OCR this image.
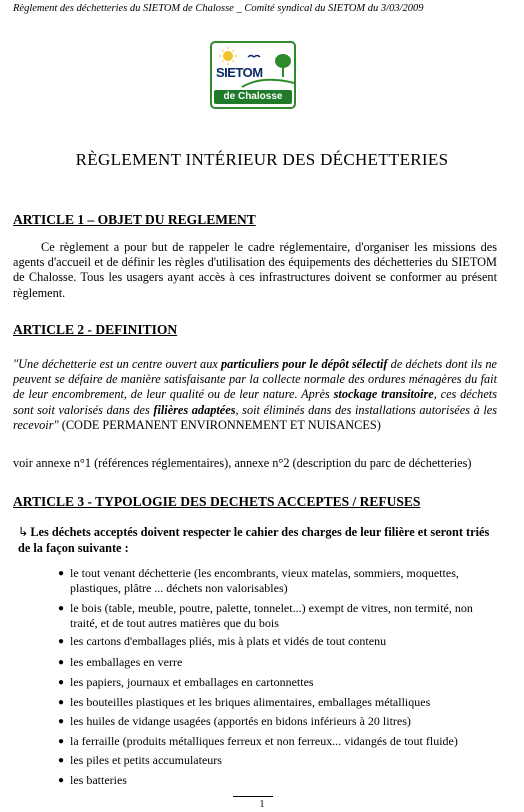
Règlement des déchetteries du SIETOM de Chalosse _ Comité syndical du SIETOM du 3/03/2009
SIETOM
de Chalosse
RÈGLEMENT INTÉRIEUR DES DÉCHETTERIES
ARTICLE 1 – OBJET DU REGLEMENT
Ce règlement a pour but de rappeler le cadre réglementaire, d'organiser les missions des agents d'accueil et de définir les règles d'utilisation des équipements des déchetteries du SIETOM de Chalosse. Tous les usagers ayant accès à ces infrastructures doivent se conformer au présent règlement.
ARTICLE 2 - DEFINITION
"Une déchetterie est un centre ouvert aux particuliers pour le dépôt sélectif de déchets dont ils ne peuvent se défaire de manière satisfaisante par la collecte normale des ordures ménagères du fait de leur encombrement, de leur qualité ou de leur nature. Après stockage transitoire, ces déchets sont soit valorisés dans des filières adaptées, soit éliminés dans des installations autorisées à les recevoir" (CODE PERMANENT ENVIRONNEMENT ET NUISANCES)
voir annexe n°1 (références réglementaires), annexe n°2 (description du parc de déchetteries)
ARTICLE 3 - TYPOLOGIE DES DECHETS ACCEPTES / REFUSES
↳ Les déchets acceptés doivent respecter le cahier des charges de leur filière et seront triés de la façon suivante :
● le tout venant déchetterie (les encombrants, vieux matelas, sommiers, moquettes, plastiques, plâtre ... déchets non valorisables)
● le bois (table, meuble, poutre, palette, tonnelet...) exempt de vitres, non termité, non traité, et de tout autres matières que du bois
● les cartons d'emballages pliés, mis à plats et vidés de tout contenu
● les emballages en verre
● les papiers, journaux et emballages en cartonnettes
● les bouteilles plastiques et les briques alimentaires, emballages métalliques
● les huiles de vidange usagées (apportés en bidons inférieurs à 20 litres)
● la ferraille (produits métalliques ferreux et non ferreux... vidangés de tout fluide)
● les piles et petits accumulateurs
● les batteries
1
